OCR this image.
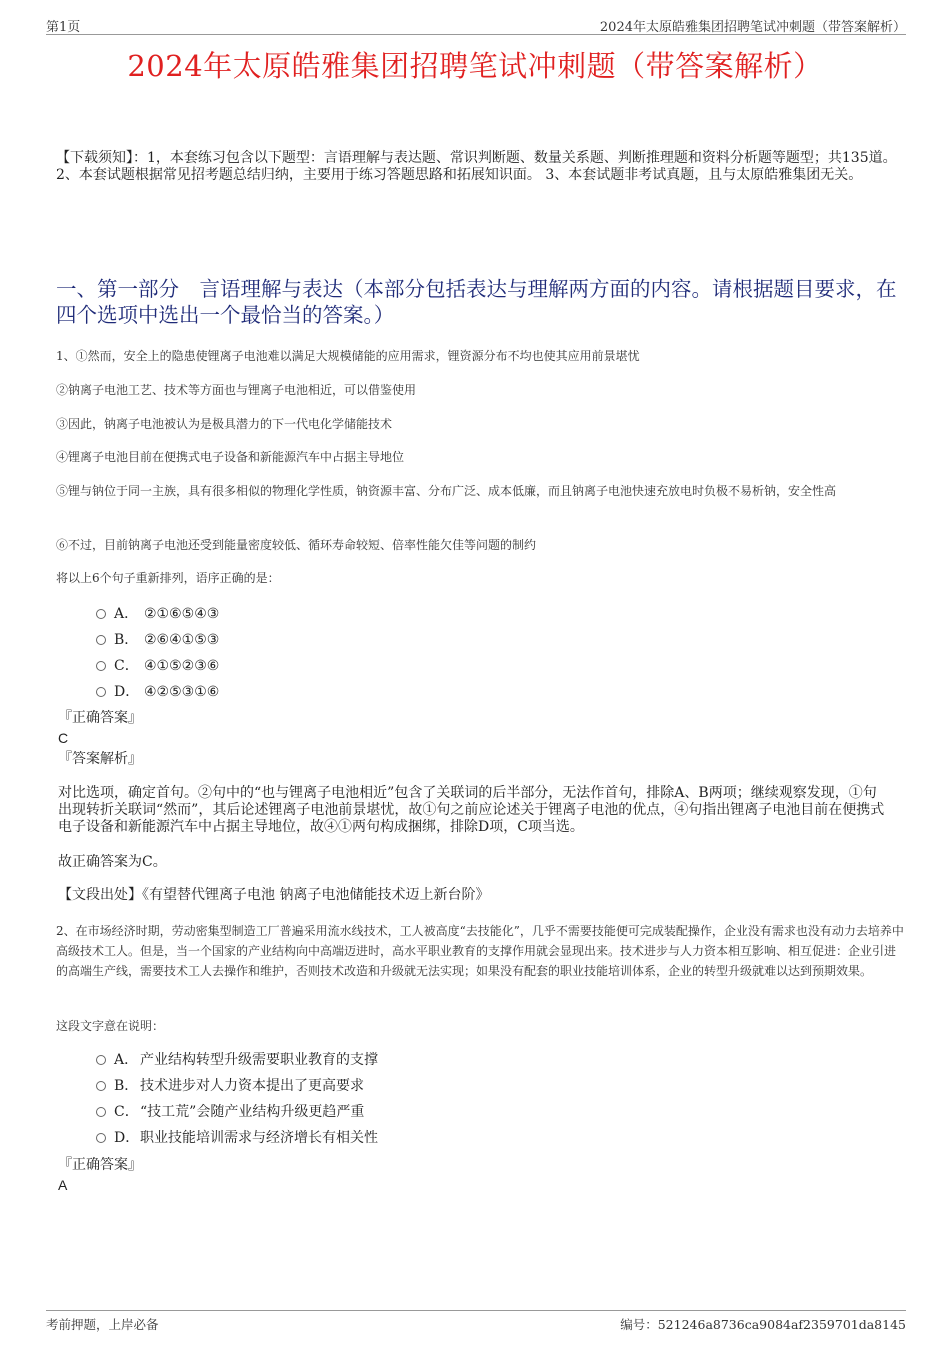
第1页	2024年太原皓雅集团招聘笔试冲刺题（带答案解析）
2024年太原皓雅集团招聘笔试冲刺题（带答案解析）
【下载须知】：1，本套练习包含以下题型：言语理解与表达题、常识判断题、数量关系题、判断推理题和资料分析题等题型；共135道。 2、本套试题根据常见招考题总结归纳，主要用于练习答题思路和拓展知识面。 3、本套试题非考试真题，且与太原皓雅集团无关。
一、第一部分　言语理解与表达（本部分包括表达与理解两方面的内容。请根据题目要求，在四个选项中选出一个最恰当的答案。）
1、①然而，安全上的隐患使锂离子电池难以满足大规模储能的应用需求，锂资源分布不均也使其应用前景堪忧
②钠离子电池工艺、技术等方面也与锂离子电池相近，可以借鉴使用
③因此，钠离子电池被认为是极具潜力的下一代电化学储能技术
④锂离子电池目前在便携式电子设备和新能源汽车中占据主导地位
⑤锂与钠位于同一主族，具有很多相似的物理化学性质，钠资源丰富、分布广泛、成本低廉，而且钠离子电池快速充放电时负极不易析钠，安全性高
⑥不过，目前钠离子电池还受到能量密度较低、循环寿命较短、倍率性能欠佳等问题的制约
将以上6个句子重新排列，语序正确的是：
A． ②①⑥⑤④③
B． ②⑥④①⑤③
C． ④①⑤②③⑥
D． ④②⑤③①⑥
『正确答案』
C
『答案解析』
对比选项，确定首句。②句中的“也与锂离子电池相近”包含了关联词的后半部分，无法作首句，排除A、B两项；继续观察发现，①句出现转折关联词“然而”，其后论述锂离子电池前景堪忧，故①句之前应论述关于锂离子电池的优点，④句指出锂离子电池目前在便携式电子设备和新能源汽车中占据主导地位，故④①两句构成捆绑，排除D项，C项当选。
故正确答案为C。
【文段出处】《有望替代锂离子电池 钠离子电池储能技术迈上新台阶》
2、在市场经济时期，劳动密集型制造工厂普遍采用流水线技术，工人被高度“去技能化”，几乎不需要技能便可完成装配操作，企业没有需求也没有动力去培养中高级技术工人。但是，当一个国家的产业结构向中高端迈进时，高水平职业教育的支撑作用就会显现出来。技术进步与人力资本相互影响、相互促进：企业引进的高端生产线，需要技术工人去操作和维护，否则技术改造和升级就无法实现；如果没有配套的职业技能培训体系，企业的转型升级就难以达到预期效果。
这段文字意在说明：
A． 产业结构转型升级需要职业教育的支撑
B． 技术进步对人力资本提出了更高要求
C． “技工荒”会随产业结构升级更趋严重
D． 职业技能培训需求与经济增长有相关性
『正确答案』
A
考前押题，上岸必备	编号：521246a8736ca9084af2359701da8145
